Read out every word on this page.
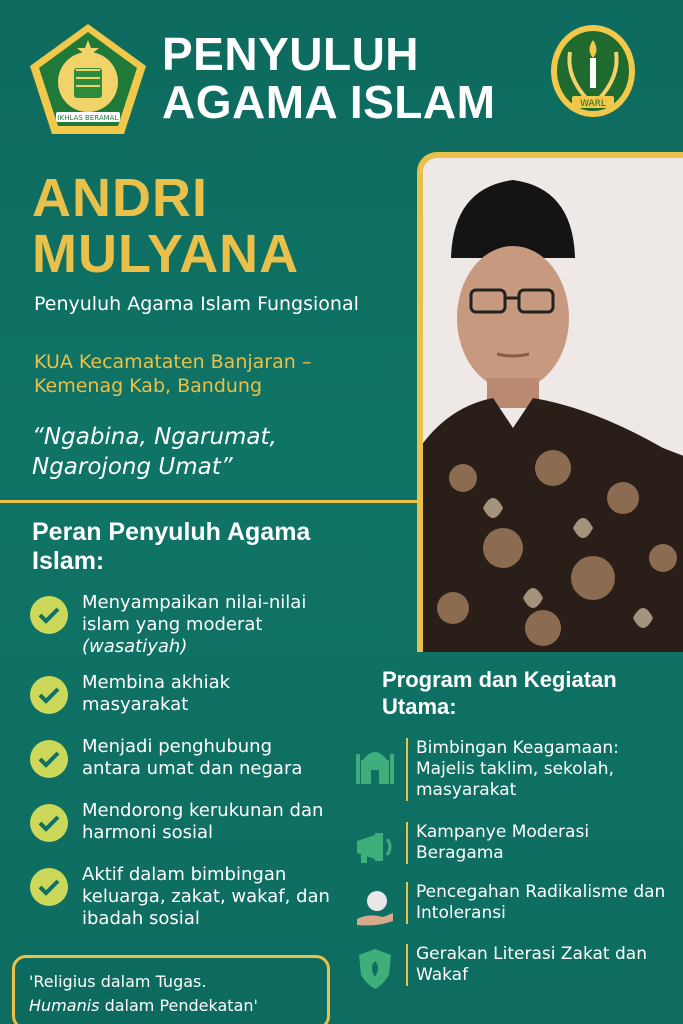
IKHLAS BERAMAL
PENYULUH
AGAMA ISLAM	WARL
ANDRI
MULYANA
Penyuluh Agama Islam Fungsional
KUA Kecamataten Banjaran – Kemenag Kab, Bandung
“Ngabina, Ngarumat, Ngarojong Umat”
Peran Penyuluh Agama Islam:
Menyampaikan nilai-nilai islam yang moderat (wasatiyah)
Membina akhiak masyarakat
Menjadi penghubung antara umat dan negara
Mendorong kerukunan dan harmoni sosial
Aktif dalam bimbingan keluarga, zakat, wakaf, dan ibadah sosial
Program dan Kegiatan Utama:
Bimbingan Keagamaan: Majelis taklim, sekolah, masyarakat
Kampanye Moderasi Beragama
Pencegahan Radikalisme dan Intoleransi
Gerakan Literasi Zakat dan Wakaf
'Religius dalam Tugas.
Humanis dalam Pendekatan'
